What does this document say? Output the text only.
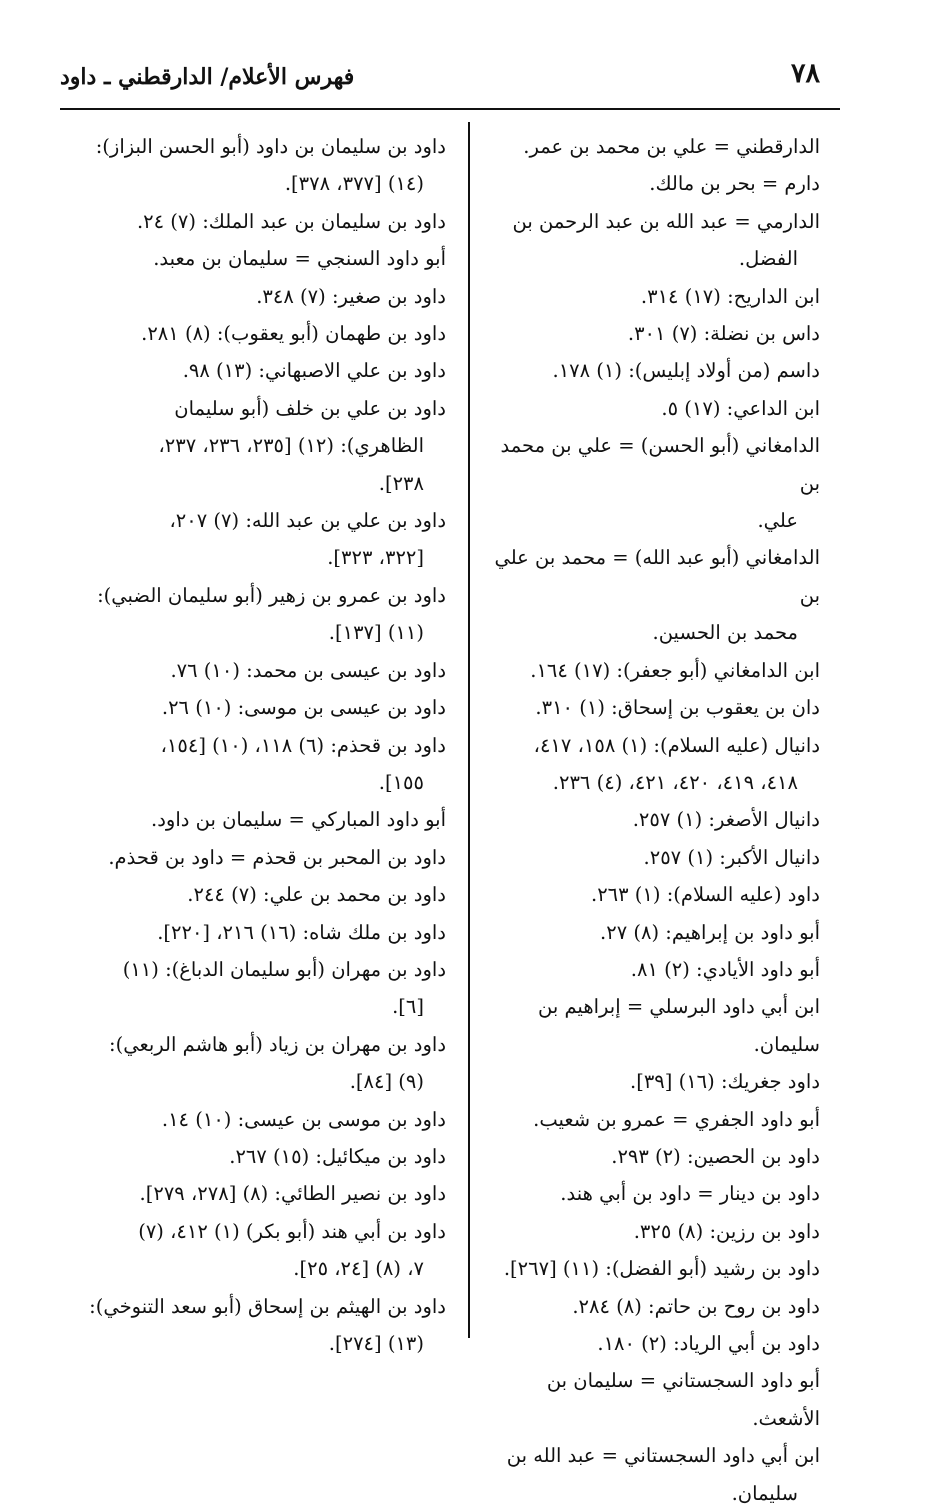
٧٨
فهرس الأعلام/ الدارقطني ـ داود
الدارقطني = علي بن محمد بن عمر.
دارم = بحر بن مالك.
الدارمي = عبد الله بن عبد الرحمن بن
الفضل.
ابن الداريح: (١٧) ٣١٤.
داس بن نضلة: (٧) ٣٠١.
داسم (من أولاد إبليس): (١) ١٧٨.
ابن الداعي: (١٧) ٥.
الدامغاني (أبو الحسن) = علي بن محمد بن
علي.
الدامغاني (أبو عبد الله) = محمد بن علي بن
محمد بن الحسين.
ابن الدامغاني (أبو جعفر): (١٧) ١٦٤.
دان بن يعقوب بن إسحاق: (١) ٣١٠.
دانيال (عليه السلام): (١) ١٥٨، ٤١٧،
٤١٨، ٤١٩، ٤٢٠، ٤٢١، (٤) ٢٣٦.
دانيال الأصغر: (١) ٢٥٧.
دانيال الأكبر: (١) ٢٥٧.
داود (عليه السلام): (١) ٢٦٣.
أبو داود بن إبراهيم: (٨) ٢٧.
أبو داود الأيادي: (٢) ٨١.
ابن أبي داود البرسلي = إبراهيم بن سليمان.
داود جغريك: (١٦) [٣٩].
أبو داود الجفري = عمرو بن شعيب.
داود بن الحصين: (٢) ٢٩٣.
داود بن دينار = داود بن أبي هند.
داود بن رزين: (٨) ٣٢٥.
داود بن رشيد (أبو الفضل): (١١) [٢٦٧].
داود بن روح بن حاتم: (٨) ٢٨٤.
داود بن أبي الرياد: (٢) ١٨٠.
أبو داود السجستاني = سليمان بن الأشعث.
ابن أبي داود السجستاني = عبد الله بن
سليمان.
داود بن سليمان بن داود (أبو الحسن البزاز):
(١٤) [٣٧٧، ٣٧٨].
داود بن سليمان بن عبد الملك: (٧) ٢٤.
أبو داود السنجي = سليمان بن معبد.
داود بن صغير: (٧) ٣٤٨.
داود بن طهمان (أبو يعقوب): (٨) ٢٨١.
داود بن علي الاصبهاني: (١٣) ٩٨.
داود بن علي بن خلف (أبو سليمان
الظاهري): (١٢) [٢٣٥، ٢٣٦، ٢٣٧،
٢٣٨].
داود بن علي بن عبد الله: (٧) ٢٠٧،
[٣٢٢، ٣٢٣].
داود بن عمرو بن زهير (أبو سليمان الضبي):
(١١) [١٣٧].
داود بن عيسى بن محمد: (١٠) ٧٦.
داود بن عيسى بن موسى: (١٠) ٢٦.
داود بن قحذم: (٦) ١١٨، (١٠) [١٥٤،
١٥٥].
أبو داود المباركي = سليمان بن داود.
داود بن المحبر بن قحذم = داود بن قحذم.
داود بن محمد بن علي: (٧) ٢٤٤.
داود بن ملك شاه: (١٦) ٢١٦، [٢٢٠].
داود بن مهران (أبو سليمان الدباغ): (١١)
[٦].
داود بن مهران بن زياد (أبو هاشم الربعي):
(٩) [٨٤].
داود بن موسى بن عيسى: (١٠) ١٤.
داود بن ميكائيل: (١٥) ٢٦٧.
داود بن نصير الطائي: (٨) [٢٧٨، ٢٧٩].
داود بن أبي هند (أبو بكر) (١) ٤١٢، (٧)
٧، (٨) [٢٤، ٢٥].
داود بن الهيثم بن إسحاق (أبو سعد التنوخي):
(١٣) [٢٧٤].
